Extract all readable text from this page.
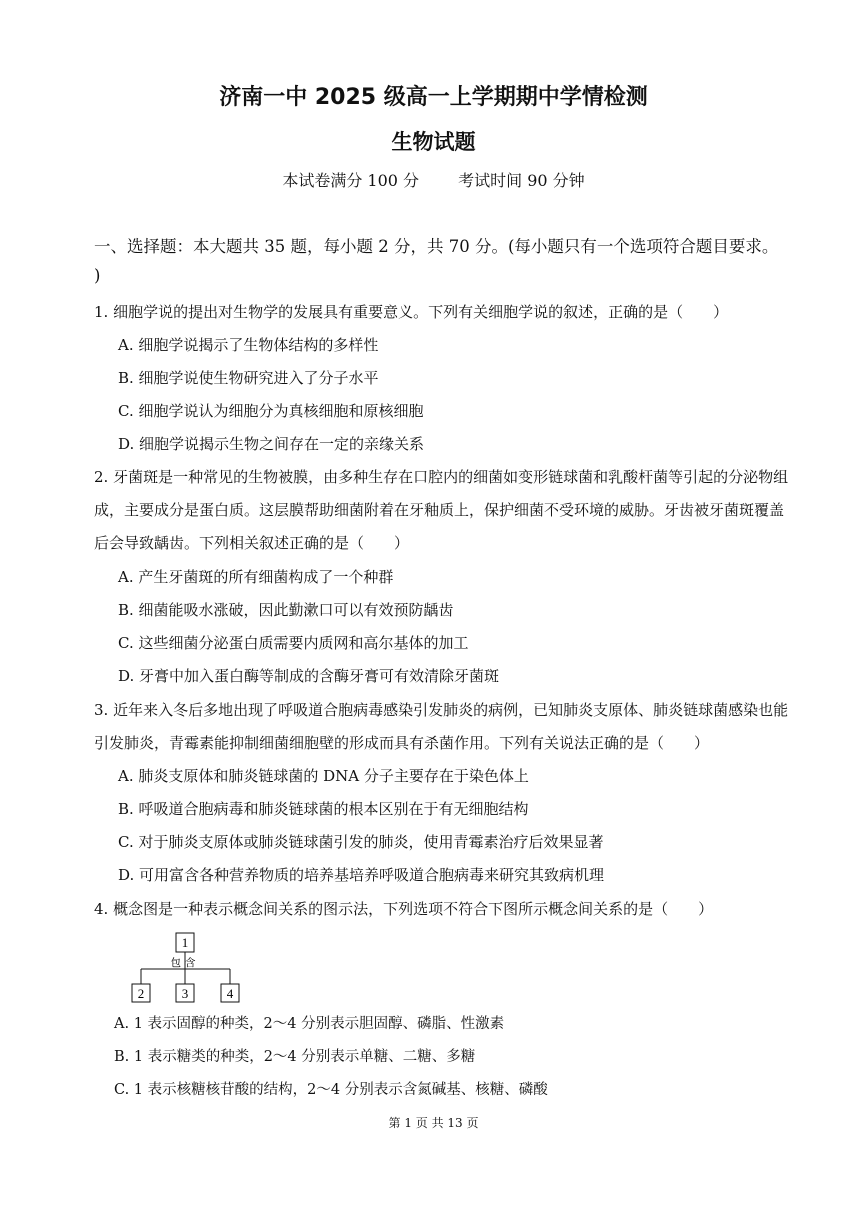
济南一中 2025 级高一上学期期中学情检测
生物试题
本试卷满分 100 分 考试时间 90 分钟
一、选择题：本大题共 35 题，每小题 2 分，共 70 分。(每小题只有一个选项符合题目要求。
)
1. 细胞学说的提出对生物学的发展具有重要意义。下列有关细胞学说的叙述，正确的是（　　）
A. 细胞学说揭示了生物体结构的多样性
B. 细胞学说使生物研究进入了分子水平
C. 细胞学说认为细胞分为真核细胞和原核细胞
D. 细胞学说揭示生物之间存在一定的亲缘关系
2. 牙菌斑是一种常见的生物被膜，由多种生存在口腔内的细菌如变形链球菌和乳酸杆菌等引起的分泌物组
成，主要成分是蛋白质。这层膜帮助细菌附着在牙釉质上，保护细菌不受环境的威胁。牙齿被牙菌斑覆盖
后会导致龋齿。下列相关叙述正确的是（　　）
A. 产生牙菌斑的所有细菌构成了一个种群
B. 细菌能吸水涨破，因此勤漱口可以有效预防龋齿
C. 这些细菌分泌蛋白质需要内质网和高尔基体的加工
D. 牙膏中加入蛋白酶等制成的含酶牙膏可有效清除牙菌斑
3. 近年来入冬后多地出现了呼吸道合胞病毒感染引发肺炎的病例，已知肺炎支原体、肺炎链球菌感染也能
引发肺炎，青霉素能抑制细菌细胞壁的形成而具有杀菌作用。下列有关说法正确的是（　　）
A. 肺炎支原体和肺炎链球菌的 DNA 分子主要存在于染色体上
B. 呼吸道合胞病毒和肺炎链球菌的根本区别在于有无细胞结构
C. 对于肺炎支原体或肺炎链球菌引发的肺炎，使用青霉素治疗后效果显著
D. 可用富含各种营养物质的培养基培养呼吸道合胞病毒来研究其致病机理
4. 概念图是一种表示概念间关系的图示法，下列选项不符合下图所示概念间关系的是（　　）
1
包含
2	3	4
A. 1 表示固醇的种类，2～4 分别表示胆固醇、磷脂、性激素
B. 1 表示糖类的种类，2～4 分别表示单糖、二糖、多糖
C. 1 表示核糖核苷酸的结构，2～4 分别表示含氮碱基、核糖、磷酸
第 1 页 共 13 页
